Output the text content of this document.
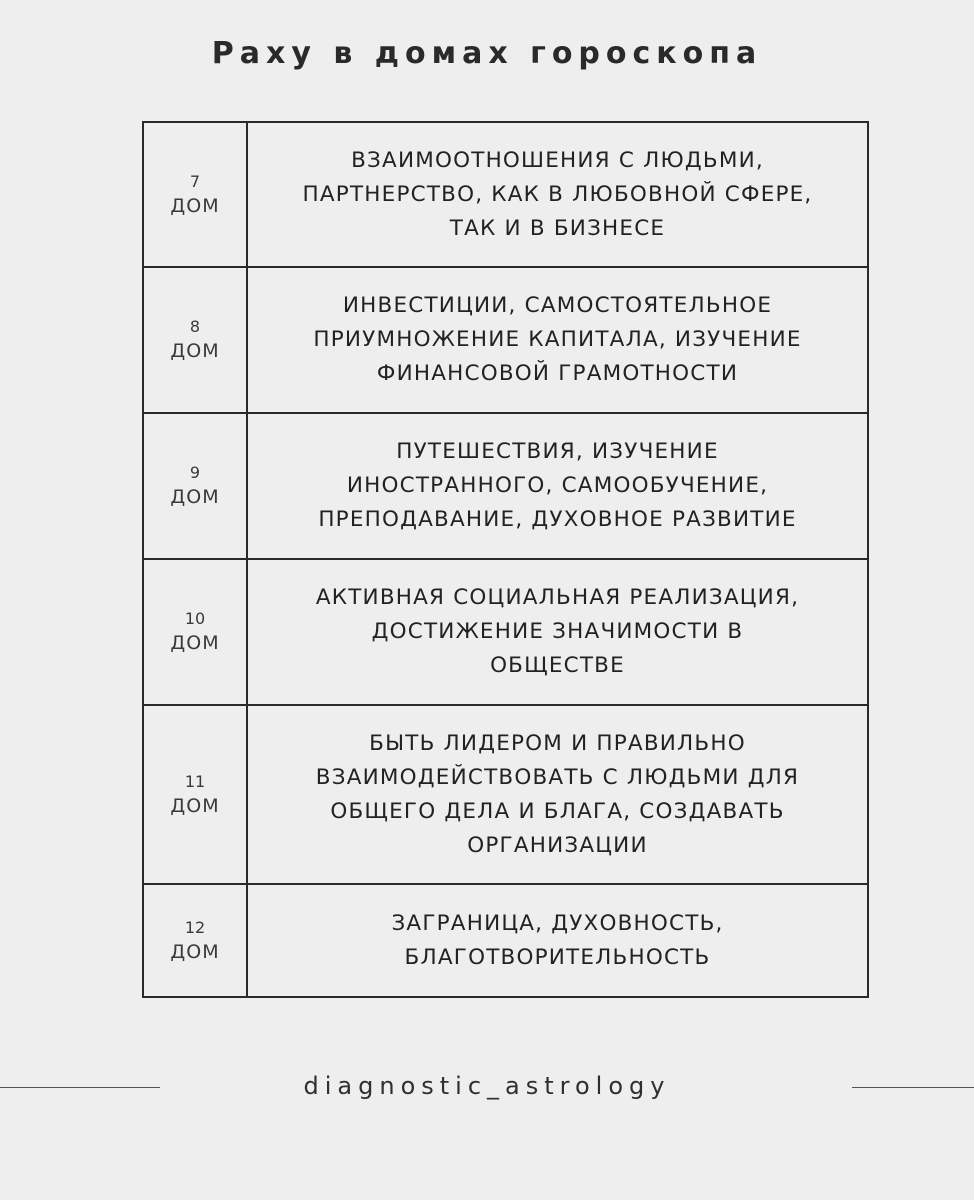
Раху в домах гороскопа
7
ДОМ
ВЗАИМООТНОШЕНИЯ С ЛЮДЬМИ,
ПАРТНЕРСТВО, КАК В ЛЮБОВНОЙ СФЕРЕ,
ТАК И В БИЗНЕСЕ
8
ДОМ
ИНВЕСТИЦИИ, САМОСТОЯТЕЛЬНОЕ
ПРИУМНОЖЕНИЕ КАПИТАЛА, ИЗУЧЕНИЕ
ФИНАНСОВОЙ ГРАМОТНОСТИ
9
ДОМ
ПУТЕШЕСТВИЯ, ИЗУЧЕНИЕ
ИНОСТРАННОГО, САМООБУЧЕНИЕ,
ПРЕПОДАВАНИЕ, ДУХОВНОЕ РАЗВИТИЕ
10
ДОМ
АКТИВНАЯ СОЦИАЛЬНАЯ РЕАЛИЗАЦИЯ,
ДОСТИЖЕНИЕ ЗНАЧИМОСТИ В
ОБЩЕСТВЕ
11
ДОМ
БЫТЬ ЛИДЕРОМ И ПРАВИЛЬНО
ВЗАИМОДЕЙСТВОВАТЬ С ЛЮДЬМИ ДЛЯ
ОБЩЕГО ДЕЛА И БЛАГА, СОЗДАВАТЬ
ОРГАНИЗАЦИИ
12
ДОМ
ЗАГРАНИЦА, ДУХОВНОСТЬ,
БЛАГОТВОРИТЕЛЬНОСТЬ
diagnostic_astrology
